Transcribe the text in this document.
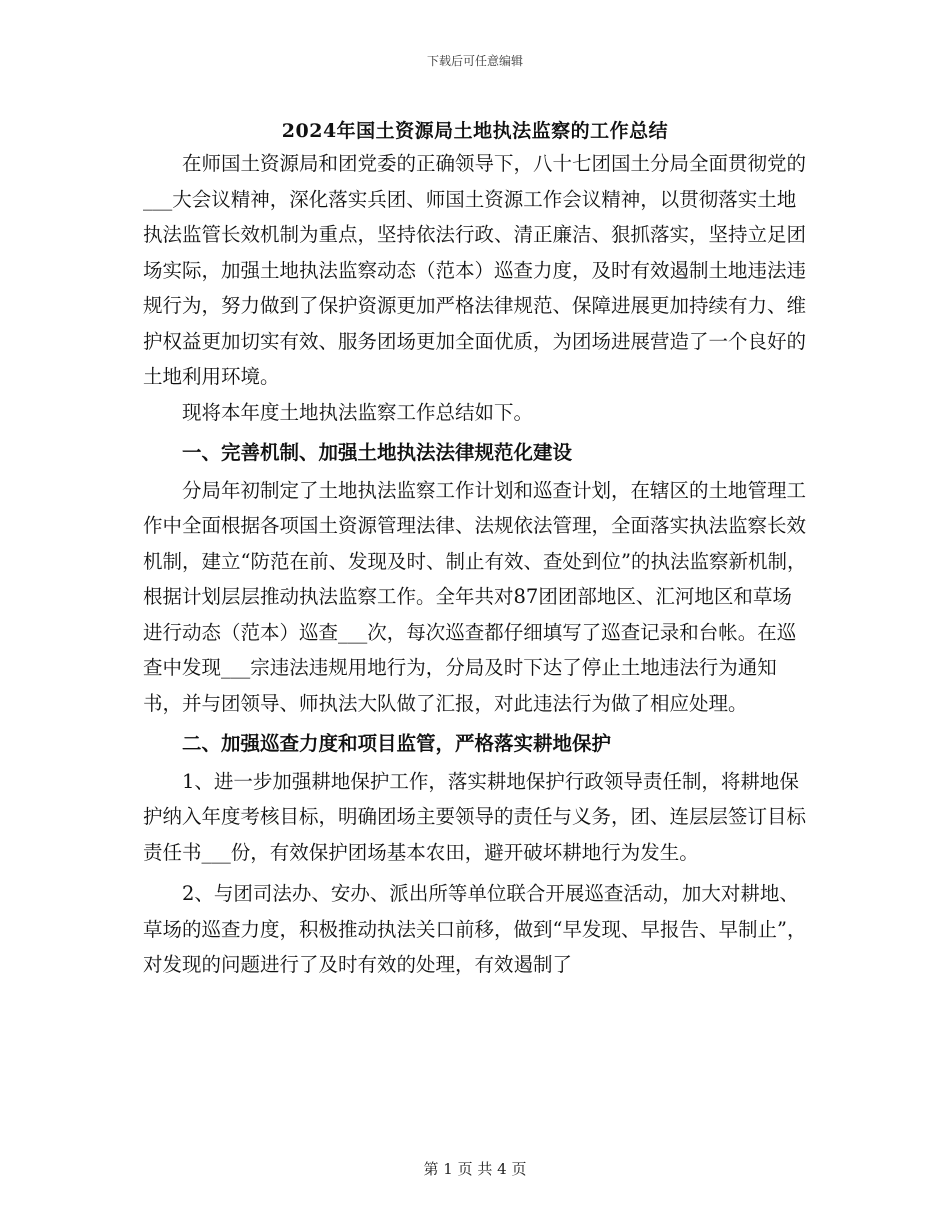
下载后可任意编辑
2024年国土资源局土地执法监察的工作总结

在师国土资源局和团党委的正确领导下，八十七团国土分局全面贯彻党的___大会议精神，深化落实兵团、师国土资源工作会议精神，以贯彻落实土地执法监管长效机制为重点，坚持依法行政、清正廉洁、狠抓落实，坚持立足团场实际，加强土地执法监察动态（范本）巡查力度，及时有效遏制土地违法违规行为，努力做到了保护资源更加严格法律规范、保障进展更加持续有力、维护权益更加切实有效、服务团场更加全面优质，为团场进展营造了一个良好的土地利用环境。

现将本年度土地执法监察工作总结如下。

一、完善机制、加强土地执法法律规范化建设

分局年初制定了土地执法监察工作计划和巡查计划，在辖区的土地管理工作中全面根据各项国土资源管理法律、法规依法管理，全面落实执法监察长效机制，建立“防范在前、发现及时、制止有效、查处到位”的执法监察新机制，根据计划层层推动执法监察工作。全年共对87团团部地区、汇河地区和草场进行动态（范本）巡查___次，每次巡查都仔细填写了巡查记录和台帐。在巡查中发现___宗违法违规用地行为，分局及时下达了停止土地违法行为通知书，并与团领导、师执法大队做了汇报，对此违法行为做了相应处理。

二、加强巡查力度和项目监管，严格落实耕地保护

1、进一步加强耕地保护工作，落实耕地保护行政领导责任制，将耕地保护纳入年度考核目标，明确团场主要领导的责任与义务，团、连层层签订目标责任书___份，有效保护团场基本农田，避开破坏耕地行为发生。

2、与团司法办、安办、派出所等单位联合开展巡查活动，加大对耕地、草场的巡查力度，积极推动执法关口前移，做到“早发现、早报告、早制止”，对发现的问题进行了及时有效的处理，有效遏制了

第 1 页 共 4 页
